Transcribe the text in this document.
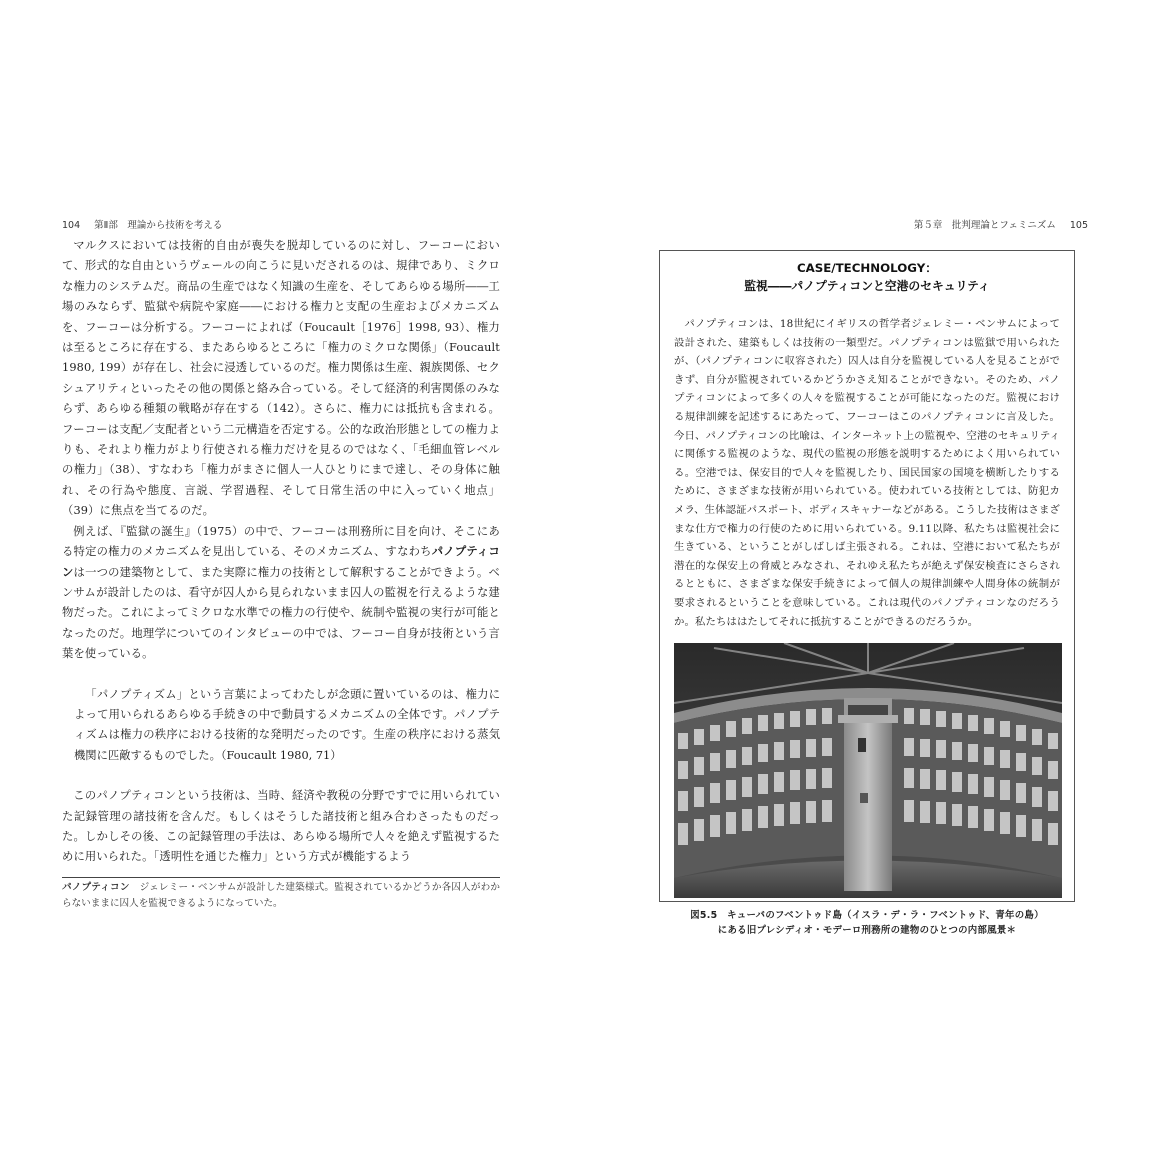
104 第Ⅱ部　理論から技術を考える

マルクスにおいては技術的自由が喪失を脱却しているのに対し、フーコーにおいて、形式的な自由というヴェールの向こうに見いだされるのは、規律であり、ミクロな権力のシステムだ。商品の生産ではなく知識の生産を、そしてあらゆる場所――工場のみならず、監獄や病院や家庭――における権力と支配の生産およびメカニズムを、フーコーは分析する。フーコーによれば（Foucault［1976］1998, 93）、権力は至るところに存在する、またあらゆるところに「権力のミクロな関係」（Foucault 1980, 199）が存在し、社会に浸透しているのだ。権力関係は生産、親族関係、セクシュアリティといったその他の関係と絡み合っている。そして経済的利害関係のみならず、あらゆる種類の戦略が存在する（142）。さらに、権力には抵抗も含まれる。フーコーは支配／支配者という二元構造を否定する。公的な政治形態としての権力よりも、それより権力がより行使される権力だけを見るのではなく、「毛細血管レベルの権力」（38）、すなわち「権力がまさに個人一人ひとりにまで達し、その身体に触れ、その行為や態度、言説、学習過程、そして日常生活の中に入っていく地点」（39）に焦点を当てるのだ。

例えば、『監獄の誕生』（1975）の中で、フーコーは刑務所に目を向け、そこにある特定の権力のメカニズムを見出している、そのメカニズム、すなわちパノプティコンは一つの建築物として、また実際に権力の技術として解釈することができよう。ベンサムが設計したのは、看守が囚人から見られないまま囚人の監視を行えるような建物だった。これによってミクロな水準での権力の行使や、統制や監視の実行が可能となったのだ。地理学についてのインタビューの中では、フーコー自身が技術という言葉を使っている。

「パノプティズム」という言葉によってわたしが念頭に置いているのは、権力によって用いられるあらゆる手続きの中で動員するメカニズムの全体です。パノプティズムは権力の秩序における技術的な発明だったのです。生産の秩序における蒸気機関に匹敵するものでした。（Foucault 1980, 71）

このパノプティコンという技術は、当時、経済や教税の分野ですでに用いられていた記録管理の諸技術を含んだ。もしくはそうした諸技術と組み合わさったものだった。しかしその後、この記録管理の手法は、あらゆる場所で人々を絶えず監視するために用いられた。「透明性を通じた権力」という方式が機能するよう

パノプティコン ジェレミー・ベンサムが設計した建築様式。監視されているかどうか各囚人がわからないままに囚人を監視できるようになっていた。
第５章　批判理論とフェミニズム 105
CASE/TECHNOLOGY：
監視――パノプティコンと空港のセキュリティ

パノプティコンは、18世紀にイギリスの哲学者ジェレミー・ベンサムによって設計された、建築もしくは技術の一類型だ。パノプティコンは監獄で用いられたが、（パノプティコンに収容された）囚人は自分を監視している人を見ることができず、自分が監視されているかどうかさえ知ることができない。そのため、パノプティコンによって多くの人々を監視することが可能になったのだ。監視における規律訓練を記述するにあたって、フーコーはこのパノプティコンに言及した。今日、パノプティコンの比喩は、インターネット上の監視や、空港のセキュリティに関係する監視のような、現代の監視の形態を説明するためによく用いられている。空港では、保安目的で人々を監視したり、国民国家の国境を横断したりするために、さまざまな技術が用いられている。使われている技術としては、防犯カメラ、生体認証パスポート、ボディスキャナーなどがある。こうした技術はさまざまな仕方で権力の行使のために用いられている。9.11以降、私たちは監視社会に生きている、ということがしばしば主張される。これは、空港において私たちが潜在的な保安上の脅威とみなされ、それゆえ私たちが絶えず保安検査にさらされるとともに、さまざまな保安手続きによって個人の規律訓練や人間身体の統制が要求されるということを意味している。これは現代のパノプティコンなのだろうか。私たちははたしてそれに抵抗することができるのだろうか。

図5.5　キューバのフベントゥド島（イスラ・デ・ラ・フベントゥド、青年の島）
にある旧プレシディオ・モデーロ刑務所の建物のひとつの内部風景＊
